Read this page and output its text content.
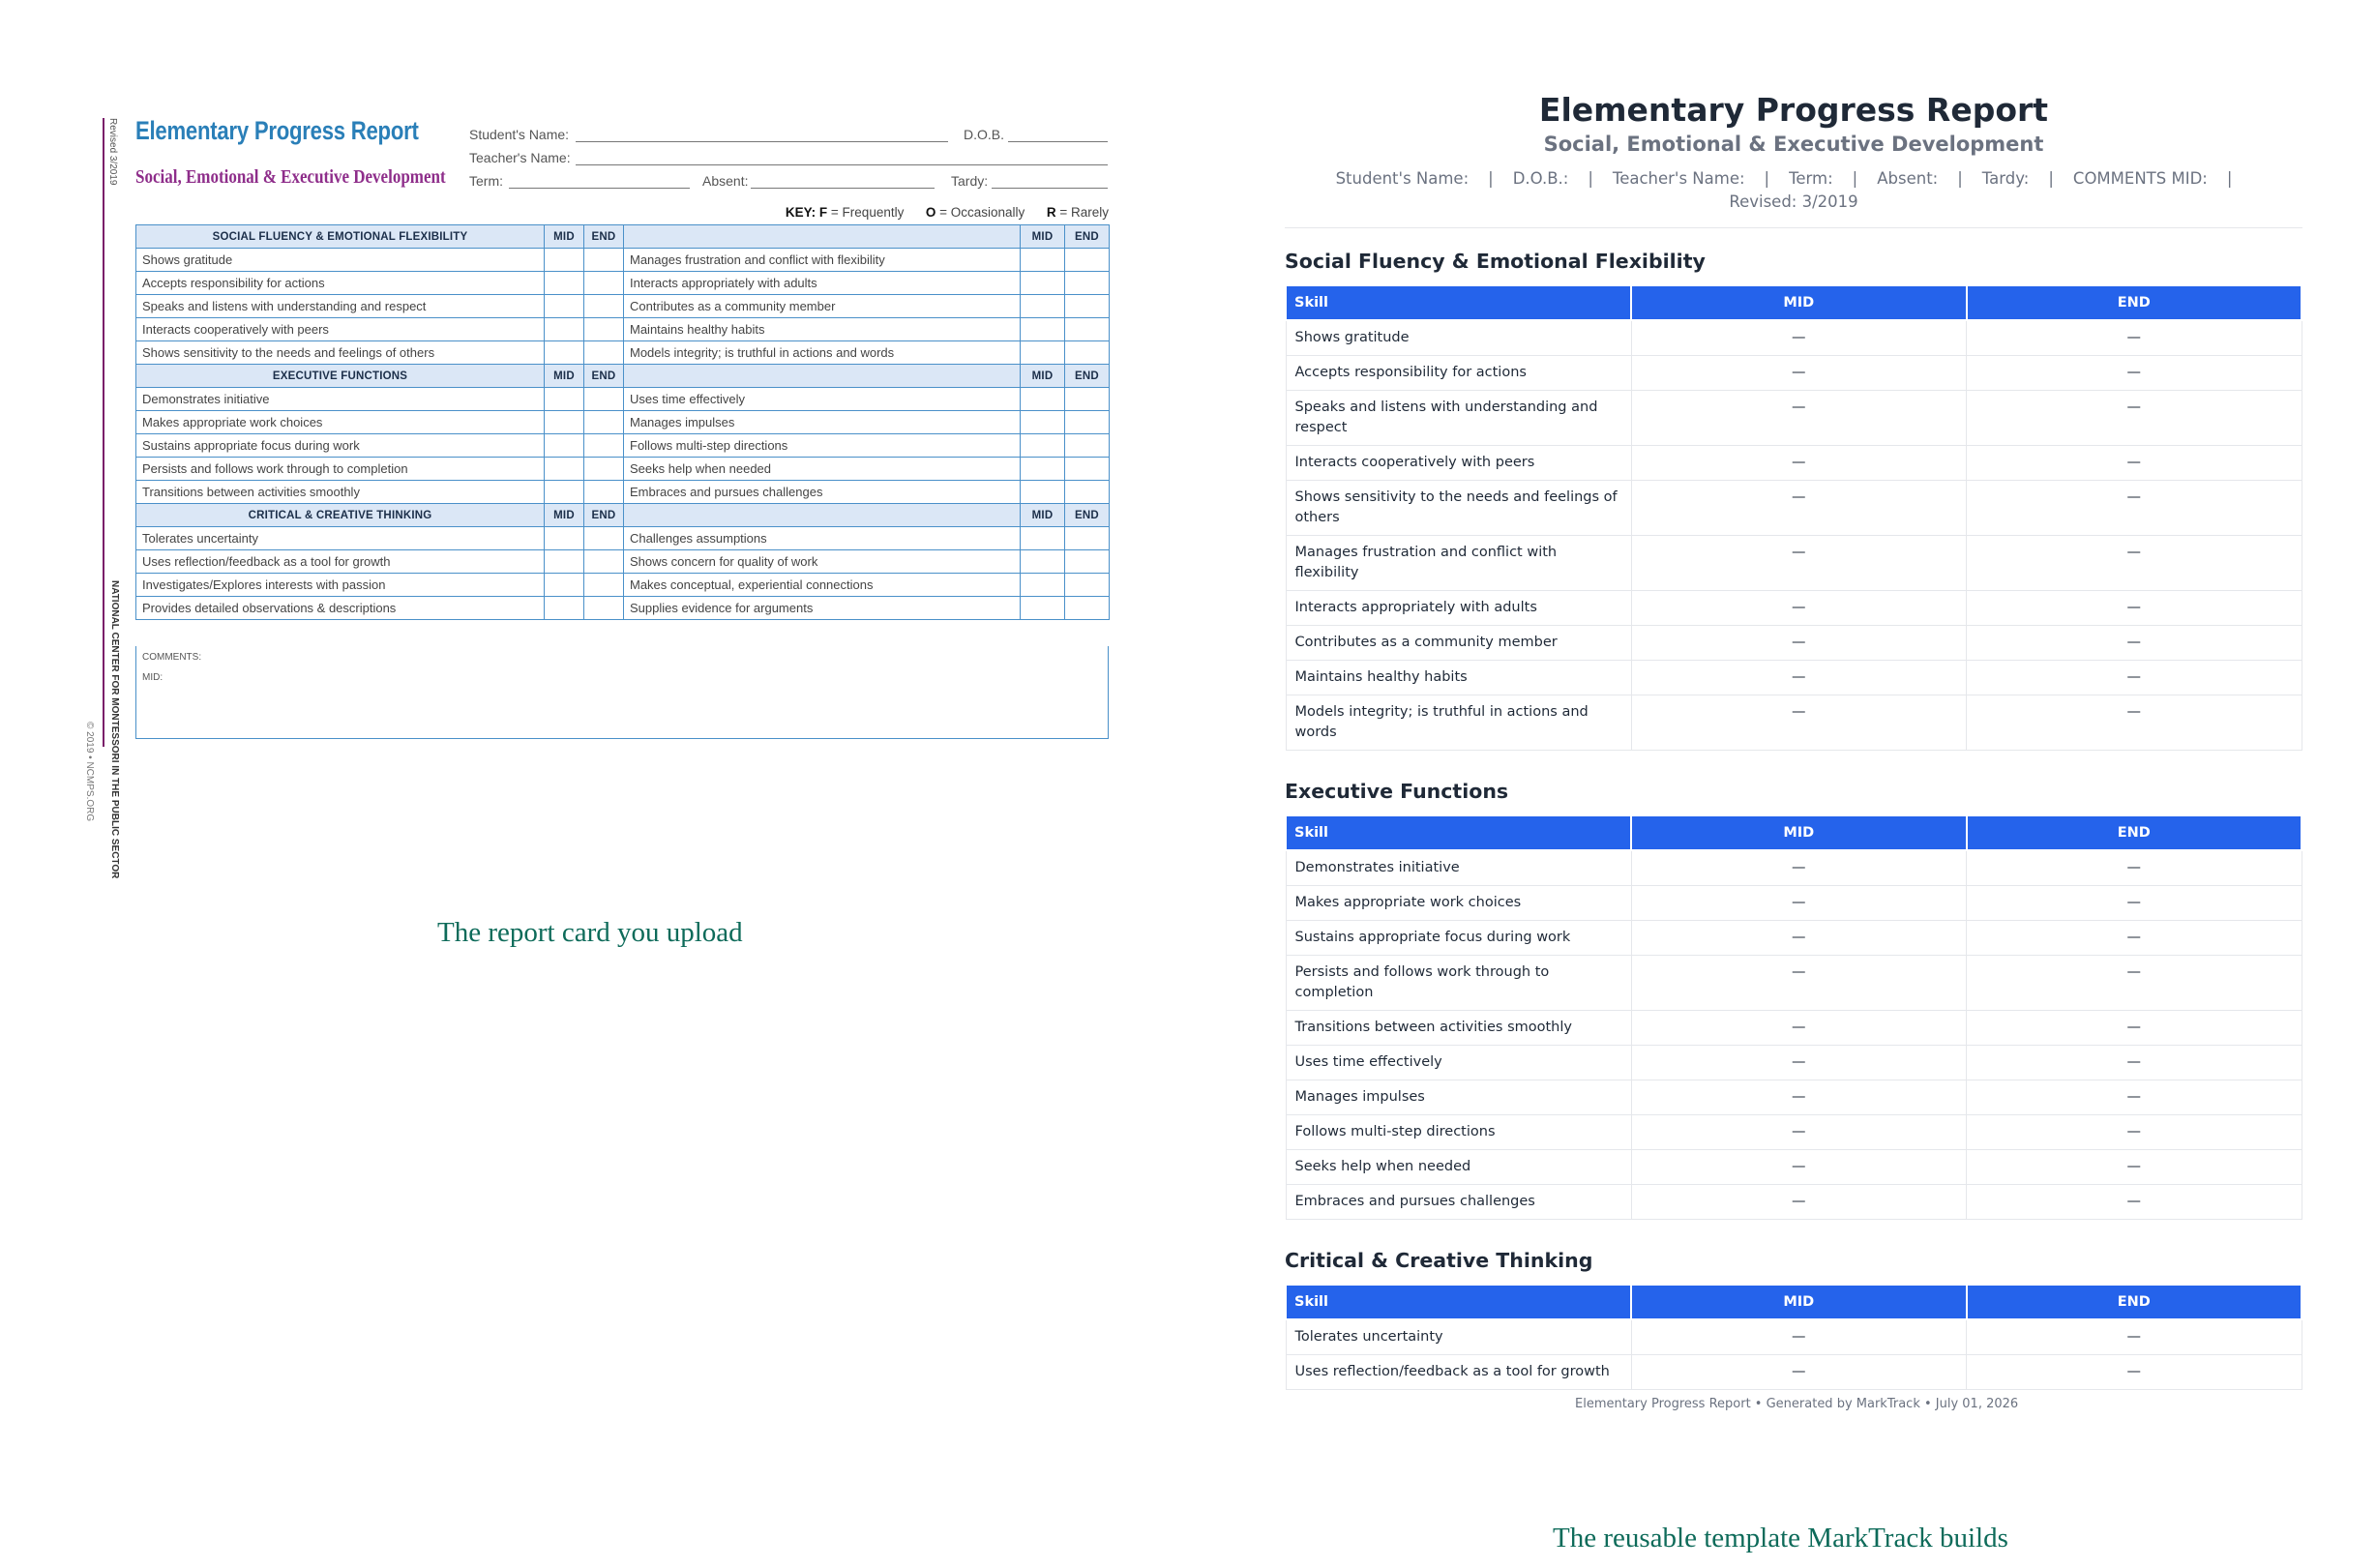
Revised 3/2019
NATIONAL CENTER FOR MONTESSORI IN THE PUBLIC SECTOR
© 2019 • NCMPS.ORG
Elementary Progress Report
Social, Emotional & Executive Development
Student's Name:	D.O.B.
Teacher's Name:
Term:	Absent:	Tardy:
KEY: F = Frequently O = Occasionally R = Rarely
SOCIAL FLUENCY & EMOTIONAL FLEXIBILITY	MID	END		MID	END
Shows gratitude			Manages frustration and conflict with flexibility		
Accepts responsibility for actions			Interacts appropriately with adults		
Speaks and listens with understanding and respect			Contributes as a community member		
Interacts cooperatively with peers			Maintains healthy habits		
Shows sensitivity to the needs and feelings of others			Models integrity; is truthful in actions and words		
EXECUTIVE FUNCTIONS	MID	END		MID	END
Demonstrates initiative			Uses time effectively		
Makes appropriate work choices			Manages impulses		
Sustains appropriate focus during work			Follows multi-step directions		
Persists and follows work through to completion			Seeks help when needed		
Transitions between activities smoothly			Embraces and pursues challenges		
CRITICAL & CREATIVE THINKING	MID	END		MID	END
Tolerates uncertainty			Challenges assumptions		
Uses reflection/feedback as a tool for growth			Shows concern for quality of work		
Investigates/Explores interests with passion			Makes conceptual, experiential connections		
Provides detailed observations & descriptions			Supplies evidence for arguments		
COMMENTS:
MID:
The report card you upload
Elementary Progress Report
Social, Emotional & Executive Development
Student's Name: | D.O.B.: | Teacher's Name: | Term: | Absent: | Tardy: | COMMENTS MID: |
Revised: 3/2019
Social Fluency & Emotional Flexibility
Skill	MID	END
Shows gratitude	—	—
Accepts responsibility for actions	—	—
Speaks and listens with understanding and respect	—	—
Interacts cooperatively with peers	—	—
Shows sensitivity to the needs and feelings of others	—	—
Manages frustration and conflict with flexibility	—	—
Interacts appropriately with adults	—	—
Contributes as a community member	—	—
Maintains healthy habits	—	—
Models integrity; is truthful in actions and words	—	—
Executive Functions
Skill	MID	END
Demonstrates initiative	—	—
Makes appropriate work choices	—	—
Sustains appropriate focus during work	—	—
Persists and follows work through to completion	—	—
Transitions between activities smoothly	—	—
Uses time effectively	—	—
Manages impulses	—	—
Follows multi-step directions	—	—
Seeks help when needed	—	—
Embraces and pursues challenges	—	—
Critical & Creative Thinking
Skill	MID	END
Tolerates uncertainty	—	—
Uses reflection/feedback as a tool for growth	—	—
Elementary Progress Report • Generated by MarkTrack • July 01, 2026
The reusable template MarkTrack builds
